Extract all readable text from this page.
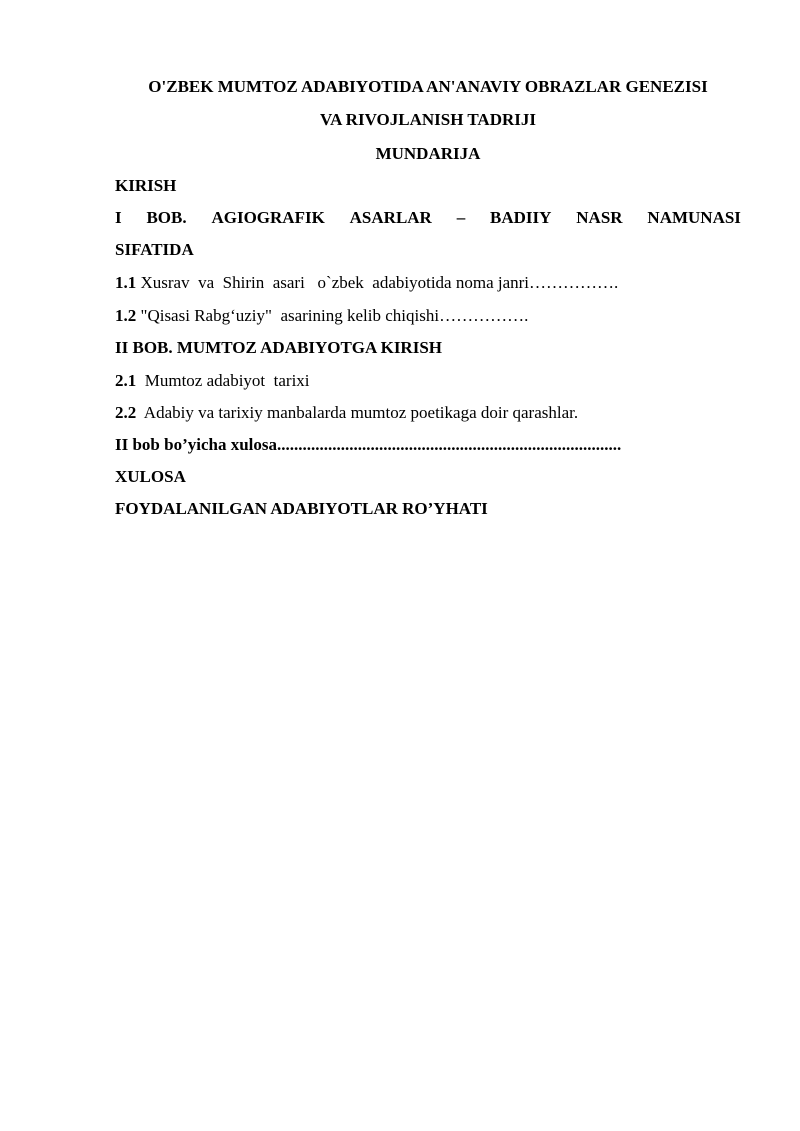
O'ZBEK MUMTOZ ADABIYOTIDA AN'ANAVIY OBRAZLAR GENEZISI
VA RIVOJLANISH TADRIJI
MUNDARIJA
KIRISH
I BOB. AGIOGRAFIK ASARLAR – BADIIY NASR NAMUNASI
SIFATIDA
1.1 Xusrav  va  Shirin  asari   o`zbek  adabiyotida noma janri…………….
1.2 "Qisasi Rabg‘uziy"  asarining kelib chiqishi…………….
II BOB. MUMTOZ ADABIYOTGA KIRISH
2.1  Mumtoz adabiyot  tarixi
2.2  Adabiy va tarixiy manbalarda mumtoz poetikaga doir qarashlar.
II bob bo’yicha xulosa.................................................................................
XULOSA
FOYDALANILGAN ADABIYOTLAR RO’YHATI
